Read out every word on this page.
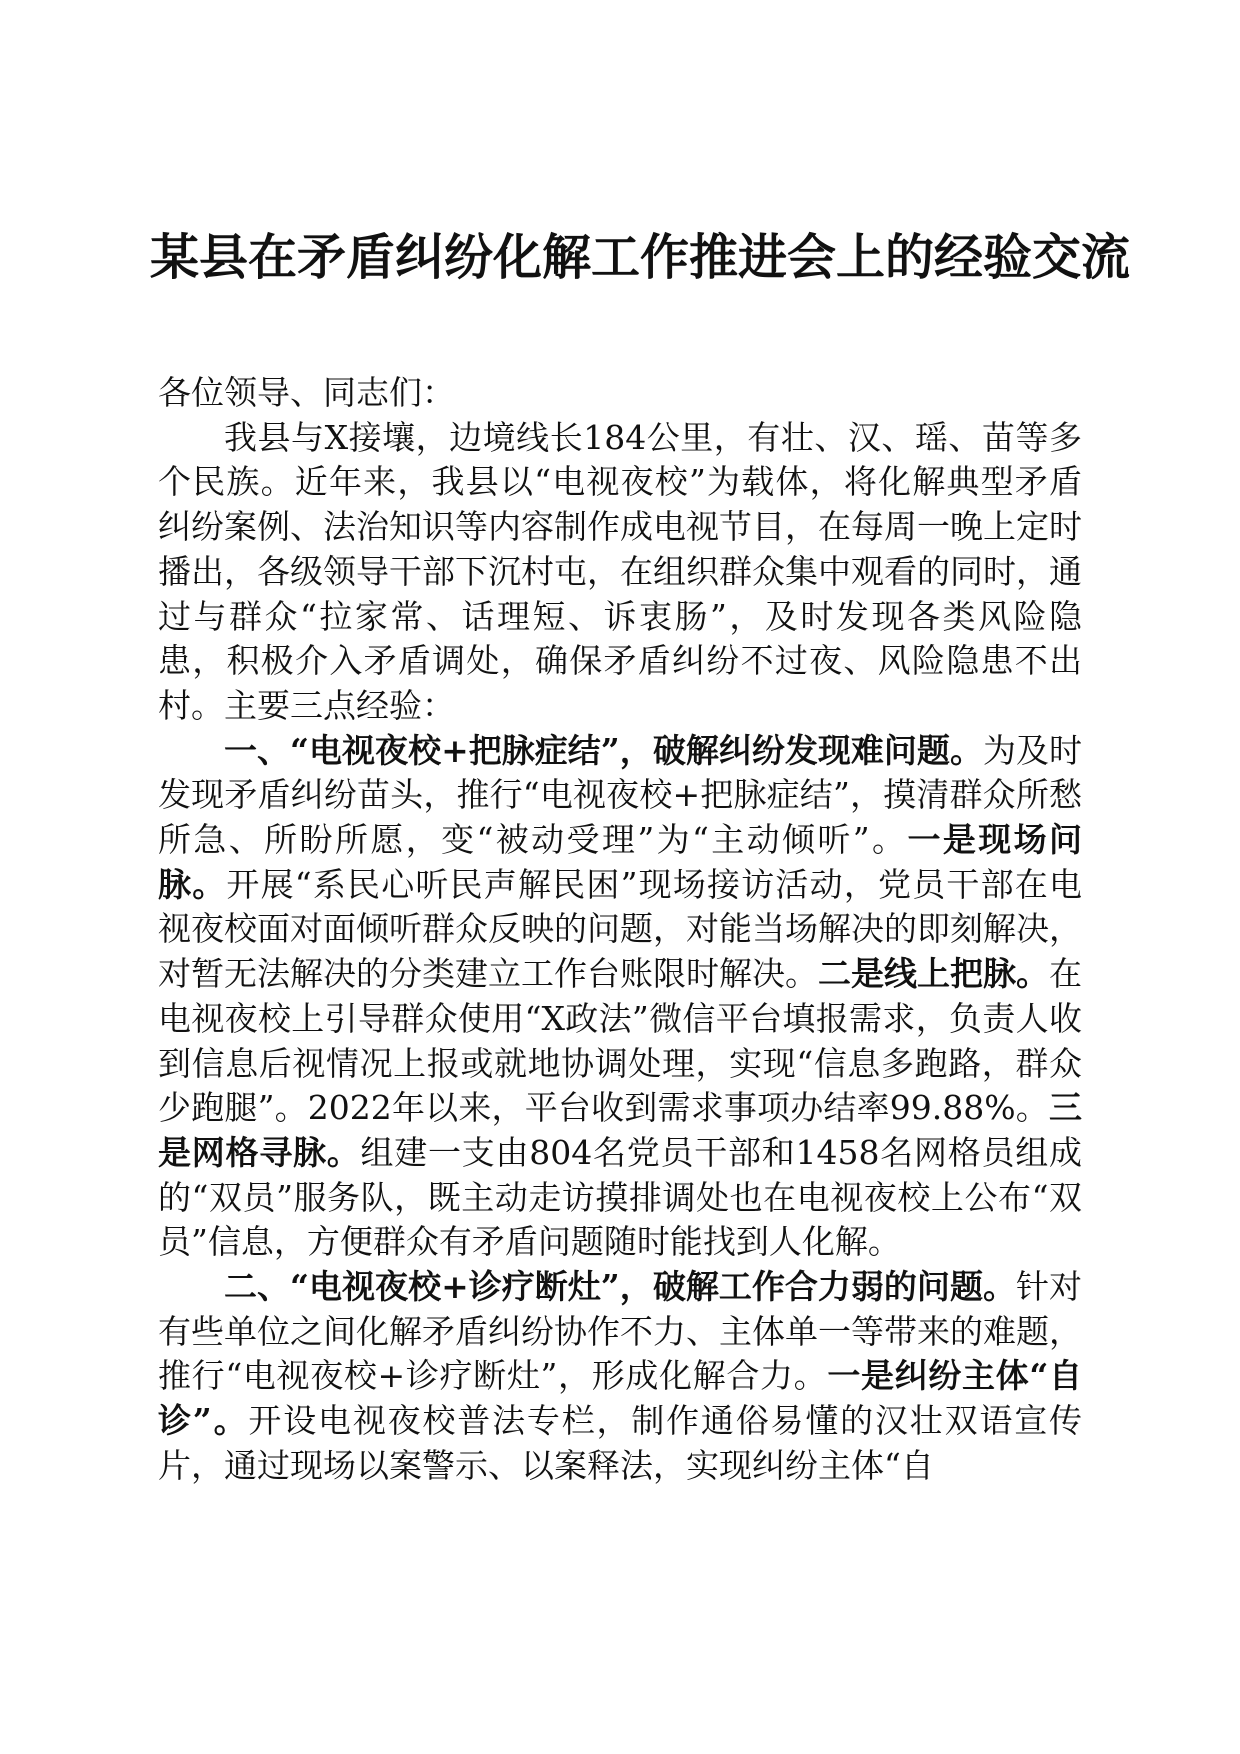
某县在矛盾纠纷化解工作推进会上的经验交流

各位领导、同志们：

我县与X接壤，边境线长184公里，有壮、汉、瑶、苗等多个民族。近年来，我县以“电视夜校”为载体，将化解典型矛盾纠纷案例、法治知识等内容制作成电视节目，在每周一晚上定时播出，各级领导干部下沉村屯，在组织群众集中观看的同时，通过与群众“拉家常、话理短、诉衷肠”，及时发现各类风险隐患，积极介入矛盾调处，确保矛盾纠纷不过夜、风险隐患不出村。主要三点经验：

一、“电视夜校+把脉症结”，破解纠纷发现难问题。为及时发现矛盾纠纷苗头，推行“电视夜校+把脉症结”，摸清群众所愁所急、所盼所愿，变“被动受理”为“主动倾听”。一是现场问脉。开展“系民心听民声解民困”现场接访活动，党员干部在电视夜校面对面倾听群众反映的问题，对能当场解决的即刻解决，对暂无法解决的分类建立工作台账限时解决。二是线上把脉。在电视夜校上引导群众使用“X政法”微信平台填报需求，负责人收到信息后视情况上报或就地协调处理，实现“信息多跑路，群众少跑腿”。2022年以来，平台收到需求事项办结率99.88%。三是网格寻脉。组建一支由804名党员干部和1458名网格员组成的“双员”服务队，既主动走访摸排调处也在电视夜校上公布“双员”信息，方便群众有矛盾问题随时能找到人化解。

二、“电视夜校+诊疗断灶”，破解工作合力弱的问题。针对有些单位之间化解矛盾纠纷协作不力、主体单一等带来的难题，推行“电视夜校+诊疗断灶”，形成化解合力。一是纠纷主体“自诊”。开设电视夜校普法专栏，制作通俗易懂的汉壮双语宣传片，通过现场以案警示、以案释法，实现纠纷主体“自
